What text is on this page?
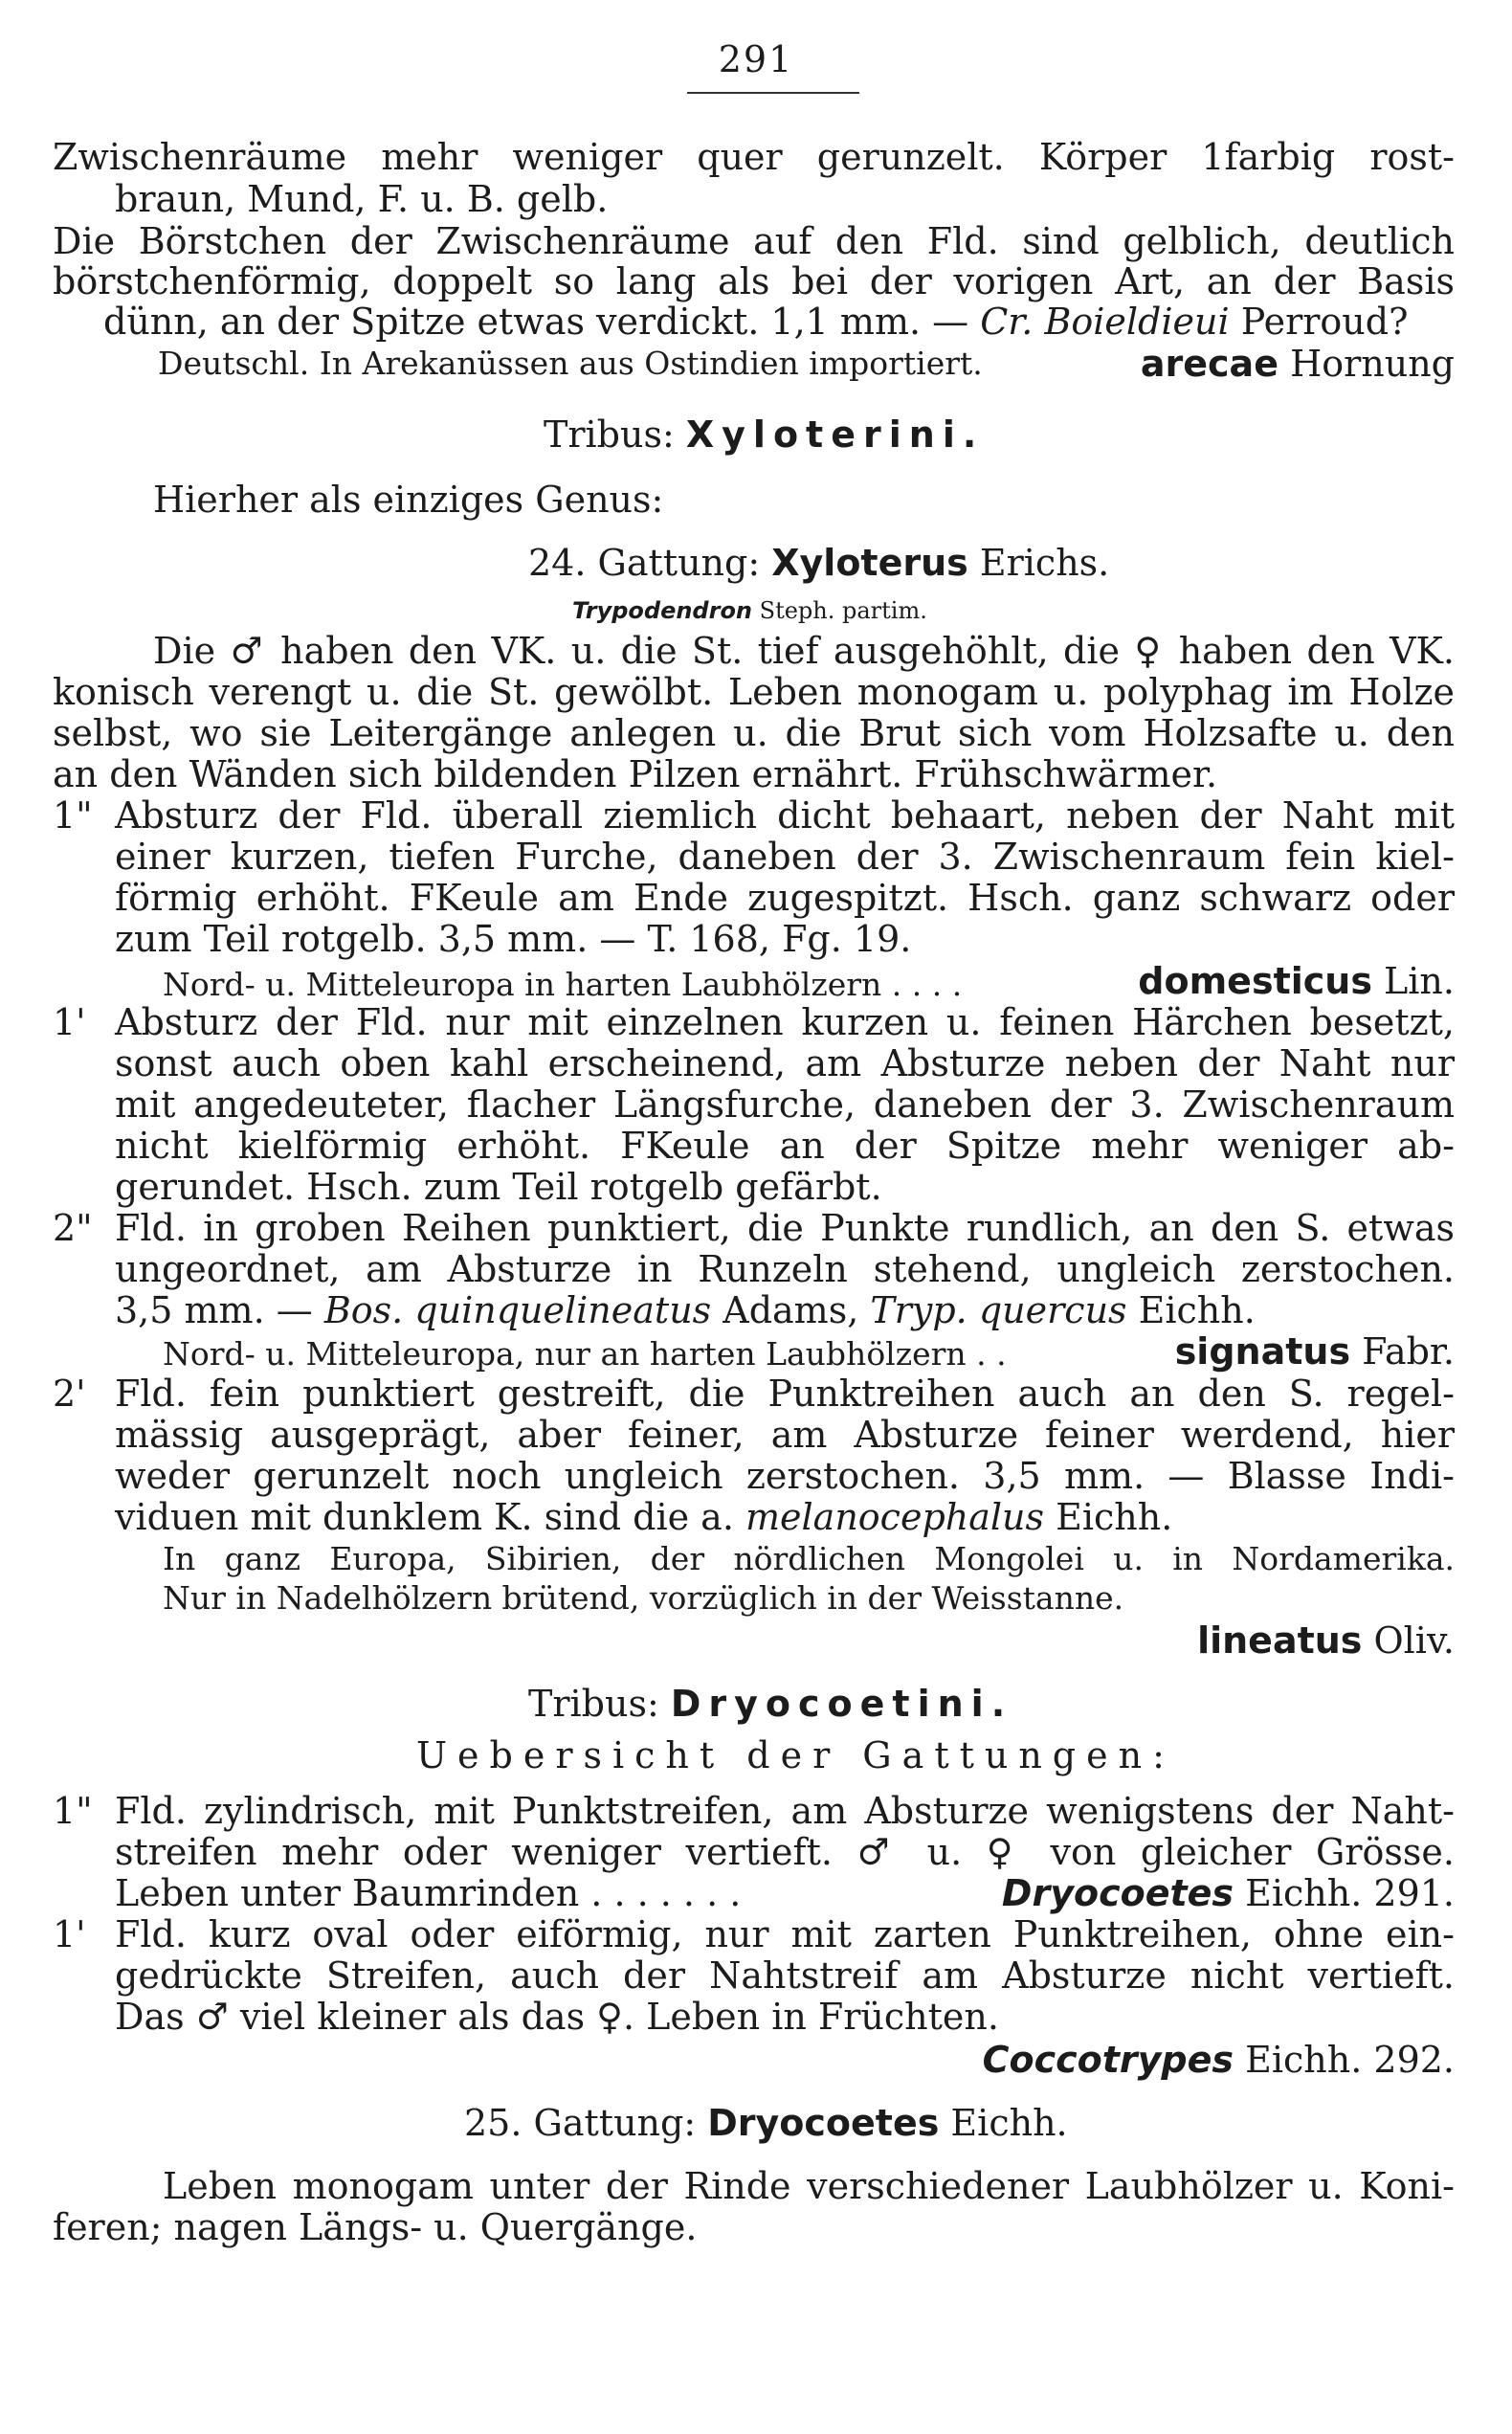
291
Zwischenräume mehr weniger quer gerunzelt. Körper 1farbig rost-
braun, Mund, F. u. B. gelb.
Die Börstchen der Zwischenräume auf den Fld. sind gelblich, deutlich
börstchenförmig, doppelt so lang als bei der vorigen Art, an der Basis
dünn, an der Spitze etwas verdickt. 1,1 mm. — Cr. Boieldieui Perroud?
Deutschl. In Arekanüssen aus Ostindien importiert.	arecae Hornung
Tribus: Xyloterini.
Hierher als einziges Genus:
24. Gattung: Xyloterus Erichs.
Trypodendron Steph. partim.
Die ♂ haben den VK. u. die St. tief ausgehöhlt, die ♀ haben den VK.
konisch verengt u. die St. gewölbt. Leben monogam u. polyphag im Holze
selbst, wo sie Leitergänge anlegen u. die Brut sich vom Holzsafte u. den
an den Wänden sich bildenden Pilzen ernährt. Frühschwärmer.
1" Absturz der Fld. überall ziemlich dicht behaart, neben der Naht mit
einer kurzen, tiefen Furche, daneben der 3. Zwischenraum fein kiel-
förmig erhöht. FKeule am Ende zugespitzt. Hsch. ganz schwarz oder
zum Teil rotgelb. 3,5 mm. — T. 168, Fg. 19.
Nord- u. Mitteleuropa in harten Laubhölzern . . . .	domesticus Lin.
1' Absturz der Fld. nur mit einzelnen kurzen u. feinen Härchen besetzt,
sonst auch oben kahl erscheinend, am Absturze neben der Naht nur
mit angedeuteter, flacher Längsfurche, daneben der 3. Zwischenraum
nicht kielförmig erhöht. FKeule an der Spitze mehr weniger ab-
gerundet. Hsch. zum Teil rotgelb gefärbt.
2" Fld. in groben Reihen punktiert, die Punkte rundlich, an den S. etwas
ungeordnet, am Absturze in Runzeln stehend, ungleich zerstochen.
3,5 mm. — Bos. quinquelineatus Adams, Tryp. quercus Eichh.
Nord- u. Mitteleuropa, nur an harten Laubhölzern . .	signatus Fabr.
2' Fld. fein punktiert gestreift, die Punktreihen auch an den S. regel-
mässig ausgeprägt, aber feiner, am Absturze feiner werdend, hier
weder gerunzelt noch ungleich zerstochen. 3,5 mm. — Blasse Indi-
viduen mit dunklem K. sind die a. melanocephalus Eichh.
In ganz Europa, Sibirien, der nördlichen Mongolei u. in Nordamerika.
Nur in Nadelhölzern brütend, vorzüglich in der Weisstanne.
lineatus Oliv.
Tribus: Dryocoetini.
Uebersicht der Gattungen:
1" Fld. zylindrisch, mit Punktstreifen, am Absturze wenigstens der Naht-
streifen mehr oder weniger vertieft. ♂ u. ♀ von gleicher Grösse.
Leben unter Baumrinden . . . . . . .	Dryocoetes Eichh. 291.
1' Fld. kurz oval oder eiförmig, nur mit zarten Punktreihen, ohne ein-
gedrückte Streifen, auch der Nahtstreif am Absturze nicht vertieft.
Das ♂ viel kleiner als das ♀. Leben in Früchten.
Coccotrypes Eichh. 292.
25. Gattung: Dryocoetes Eichh.
Leben monogam unter der Rinde verschiedener Laubhölzer u. Koni-
feren; nagen Längs- u. Quergänge.
